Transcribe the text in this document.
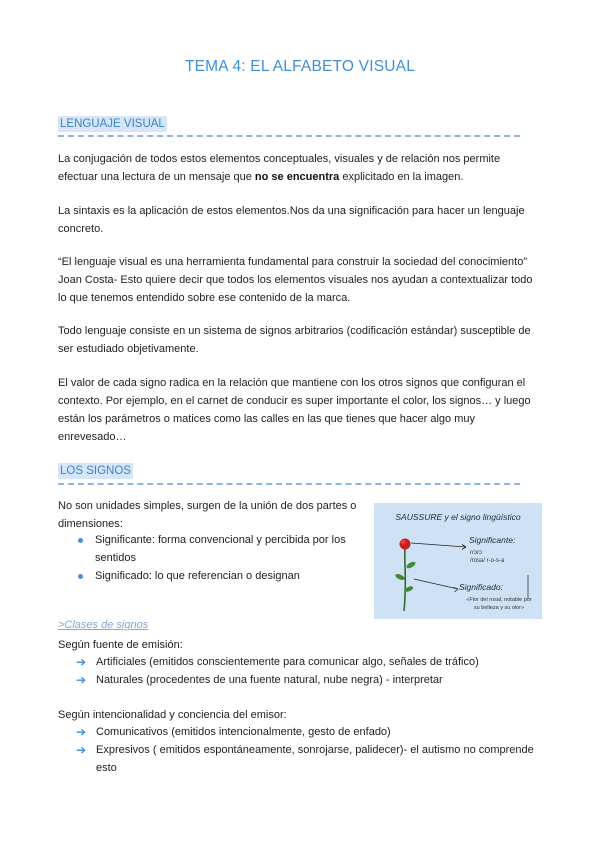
TEMA 4: EL ALFABETO VISUAL
LENGUAJE VISUAL
La conjugación de todos estos elementos conceptuales, visuales y de relación nos permite efectuar una lectura de un mensaje que no se encuentra explicitado en la imagen.
La sintaxis es la aplicación de estos elementos.Nos da una significación para hacer un lenguaje concreto.
“El lenguaje visual es una herramienta fundamental para construir la sociedad del conocimiento” Joan Costa- Esto quiere decir que todos los elementos visuales nos ayudan a contextualizar todo lo que tenemos entendido sobre ese contenido de la marca.
Todo lenguaje consiste en un sistema de signos arbitrarios (codificación estándar) susceptible de ser estudiado objetivamente.
El valor de cada signo radica en la relación que mantiene con los otros signos que configuran el contexto. Por ejemplo, en el carnet de conducir es super importante el color, los signos… y luego están los parámetros o matices como las calles en las que tienes que hacer algo muy enrevesado…
LOS SIGNOS
No son unidades simples, surgen de la unión de dos partes o dimensiones:
Significante: forma convencional y percibida por los sentidos
Significado: lo que referencian o designan
SAUSSURE y el signo lingüístico
Significante:
ɾɾɔɾɔ
/rosa/ r-o-s-a
Significado:
«Flor del rosal, notable por
su belleza y su olor»
>Clases de signos
Según fuente de emisión:
➔ Artificiales (emitidos conscientemente para comunicar algo, señales de tráfico)
➔ Naturales (procedentes de una fuente natural, nube negra) - interpretar
Según intencionalidad y conciencia del emisor:
➔ Comunicativos (emitidos intencionalmente, gesto de enfado)
➔ Expresivos ( emitidos espontáneamente, sonrojarse, palidecer)- el autismo no comprende esto
